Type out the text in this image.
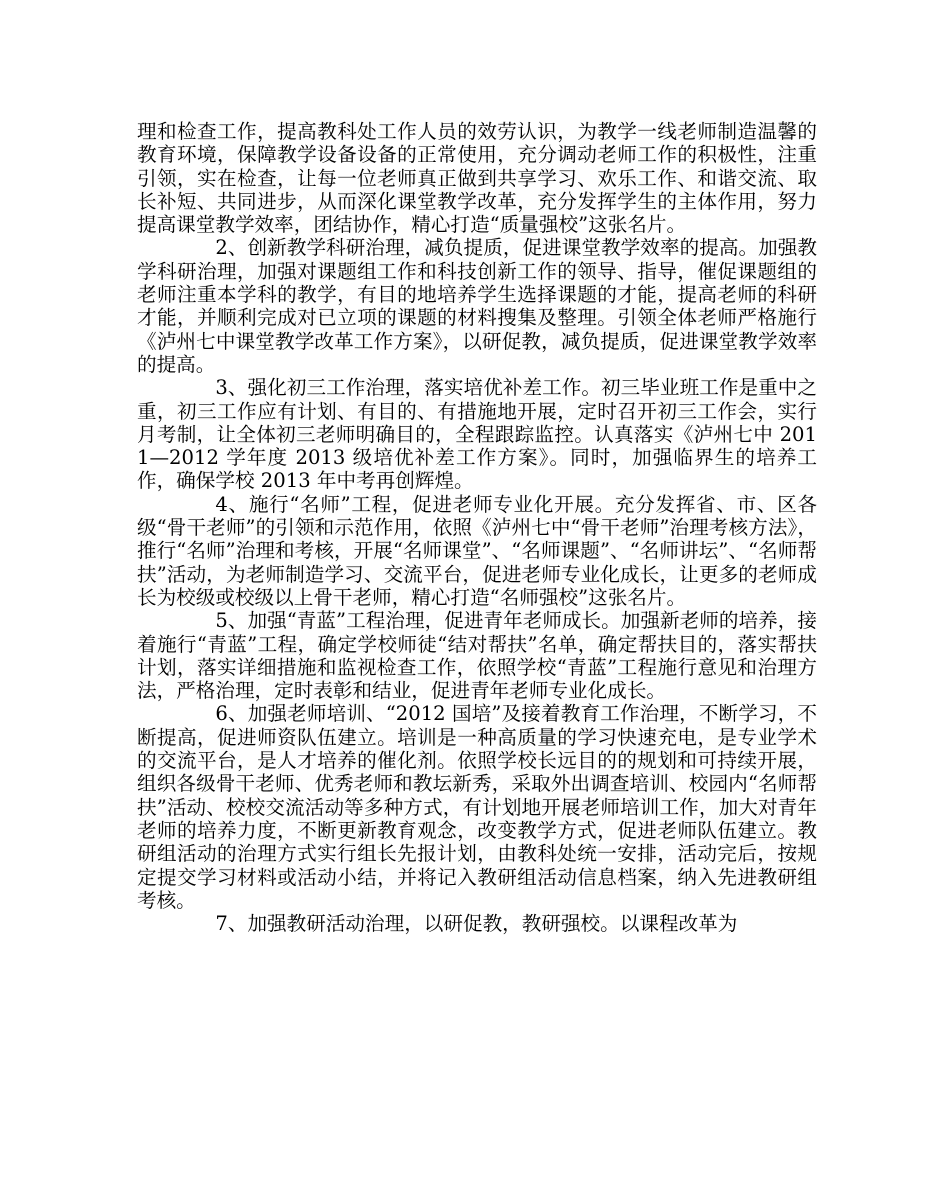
理和检查工作，提高教科处工作人员的效劳认识，为教学一线老师制造温馨的教育环境，保障教学设备设备的正常使用，充分调动老师工作的积极性，注重引领，实在检查，让每一位老师真正做到共享学习、欢乐工作、和谐交流、取长补短、共同进步，从而深化课堂教学改革，充分发挥学生的主体作用，努力提高课堂教学效率，团结协作，精心打造“质量强校”这张名片。

2、创新教学科研治理，减负提质，促进课堂教学效率的提高。加强教学科研治理，加强对课题组工作和科技创新工作的领导、指导，催促课题组的老师注重本学科的教学，有目的地培养学生选择课题的才能，提高老师的科研才能，并顺利完成对已立项的课题的材料搜集及整理。引领全体老师严格施行《泸州七中课堂教学改革工作方案》，以研促教，减负提质，促进课堂教学效率的提高。

3、强化初三工作治理，落实培优补差工作。初三毕业班工作是重中之重，初三工作应有计划、有目的、有措施地开展，定时召开初三工作会，实行月考制，让全体初三老师明确目的，全程跟踪监控。认真落实《泸州七中 2011—2012 学年度 2013 级培优补差工作方案》。同时，加强临界生的培养工作，确保学校 2013 年中考再创辉煌。

4、施行“名师”工程，促进老师专业化开展。充分发挥省、市、区各级“骨干老师”的引领和示范作用，依照《泸州七中“骨干老师”治理考核方法》，推行“名师”治理和考核，开展“名师课堂”、“名师课题”、“名师讲坛”、“名师帮扶”活动，为老师制造学习、交流平台，促进老师专业化成长，让更多的老师成长为校级或校级以上骨干老师，精心打造“名师强校”这张名片。

5、加强“青蓝”工程治理，促进青年老师成长。加强新老师的培养，接着施行“青蓝”工程，确定学校师徒“结对帮扶”名单，确定帮扶目的，落实帮扶计划，落实详细措施和监视检查工作，依照学校“青蓝”工程施行意见和治理方法，严格治理，定时表彰和结业，促进青年老师专业化成长。

6、加强老师培训、“2012 国培”及接着教育工作治理，不断学习，不断提高，促进师资队伍建立。培训是一种高质量的学习快速充电，是专业学术的交流平台，是人才培养的催化剂。依照学校长远目的的规划和可持续开展，组织各级骨干老师、优秀老师和教坛新秀，采取外出调查培训、校园内“名师帮扶”活动、校校交流活动等多种方式，有计划地开展老师培训工作，加大对青年老师的培养力度，不断更新教育观念，改变教学方式，促进老师队伍建立。教研组活动的治理方式实行组长先报计划，由教科处统一安排，活动完后，按规定提交学习材料或活动小结，并将记入教研组活动信息档案，纳入先进教研组考核。

7、加强教研活动治理，以研促教，教研强校。以课程改革为
